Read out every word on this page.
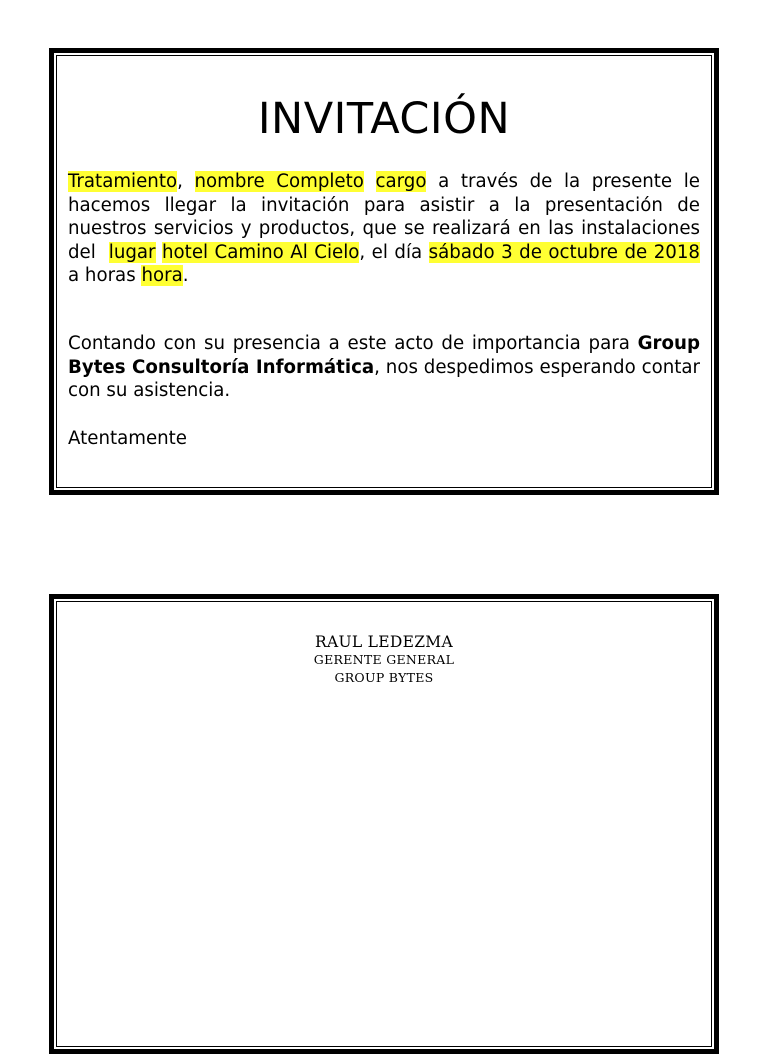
INVITACIÓN

Tratamiento, nombre Completo cargo a través de la presente le hacemos llegar la invitación para asistir a la presentación de nuestros servicios y productos, que se realizará en las instalaciones del lugar hotel Camino Al Cielo, el día sábado 3 de octubre de 2018 a horas hora.

Contando con su presencia a este acto de importancia para Group Bytes Consultoría Informática, nos despedimos esperando contar con su asistencia.

Atentamente

RAUL LEDEZMA
GERENTE GENERAL
GROUP BYTES
